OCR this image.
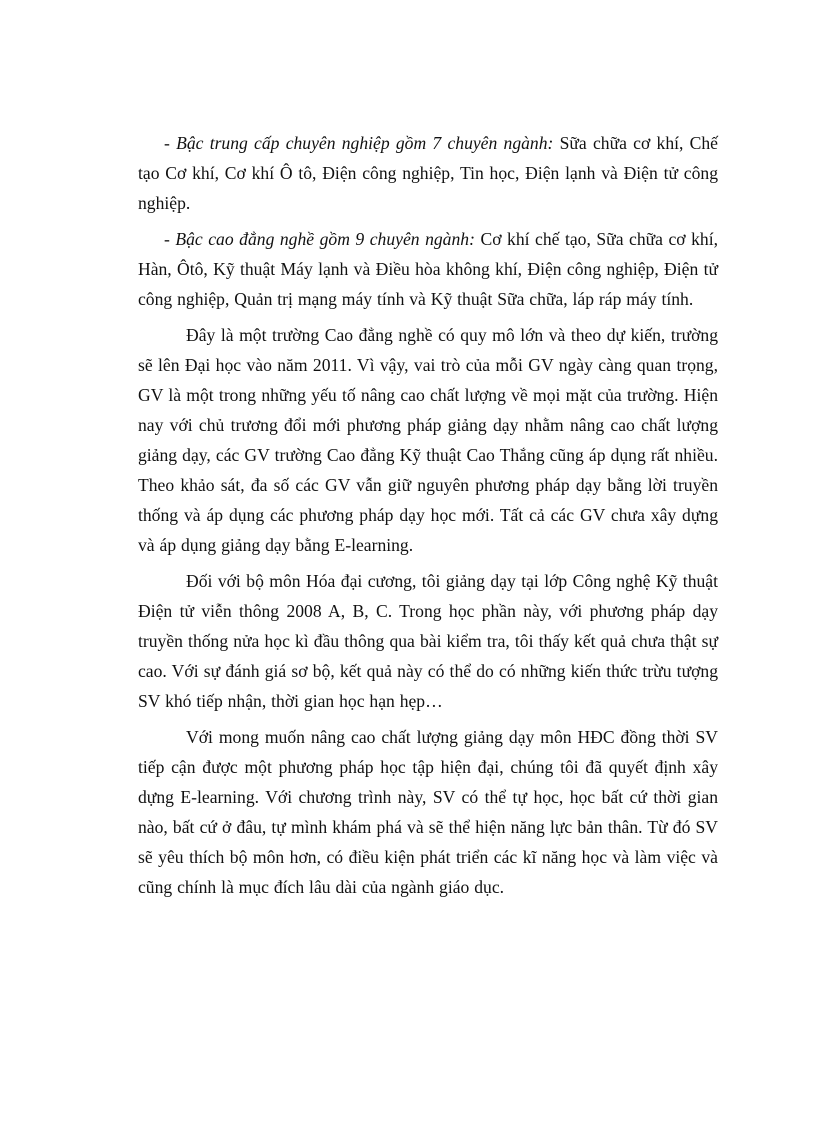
- Bậc trung cấp chuyên nghiệp gồm 7 chuyên ngành: Sữa chữa cơ khí, Chế tạo Cơ khí, Cơ khí Ô tô, Điện công nghiệp, Tin học, Điện lạnh và Điện tử công nghiệp.

- Bậc cao đẳng nghề gồm 9 chuyên ngành: Cơ khí chế tạo, Sữa chữa cơ khí, Hàn, Ôtô, Kỹ thuật Máy lạnh và Điều hòa không khí, Điện công nghiệp, Điện tử công nghiệp, Quản trị mạng máy tính và Kỹ thuật Sữa chữa, láp ráp máy tính.

Đây là một trường Cao đẳng nghề có quy mô lớn và theo dự kiến, trường sẽ lên Đại học vào năm 2011. Vì vậy, vai trò của mỗi GV ngày càng quan trọng, GV là một trong những yếu tố nâng cao chất lượng về mọi mặt của trường. Hiện nay với chủ trương đổi mới phương pháp giảng dạy nhằm nâng cao chất lượng giảng dạy, các GV trường Cao đẳng Kỹ thuật Cao Thắng cũng áp dụng rất nhiều. Theo khảo sát, đa số các GV vẫn giữ nguyên phương pháp dạy bằng lời truyền thống và áp dụng các phương pháp dạy học mới. Tất cả các GV chưa xây dựng và áp dụng giảng dạy bằng E-learning.

Đối với bộ môn Hóa đại cương, tôi giảng dạy tại lớp Công nghệ Kỹ thuật Điện tử viễn thông 2008 A, B, C. Trong học phần này, với phương pháp dạy truyền thống nửa học kì đầu thông qua bài kiểm tra, tôi thấy kết quả chưa thật sự cao. Với sự đánh giá sơ bộ, kết quả này có thể do có những kiến thức trừu tượng SV khó tiếp nhận, thời gian học hạn hẹp…

Với mong muốn nâng cao chất lượng giảng dạy môn HĐC đồng thời SV tiếp cận được một phương pháp học tập hiện đại, chúng tôi đã quyết định xây dựng E-learning. Với chương trình này, SV có thể tự học, học bất cứ thời gian nào, bất cứ ở đâu, tự mình khám phá và sẽ thể hiện năng lực bản thân. Từ đó SV sẽ yêu thích bộ môn hơn, có điều kiện phát triển các kĩ năng học và làm việc và cũng chính là mục đích lâu dài của ngành giáo dục.
